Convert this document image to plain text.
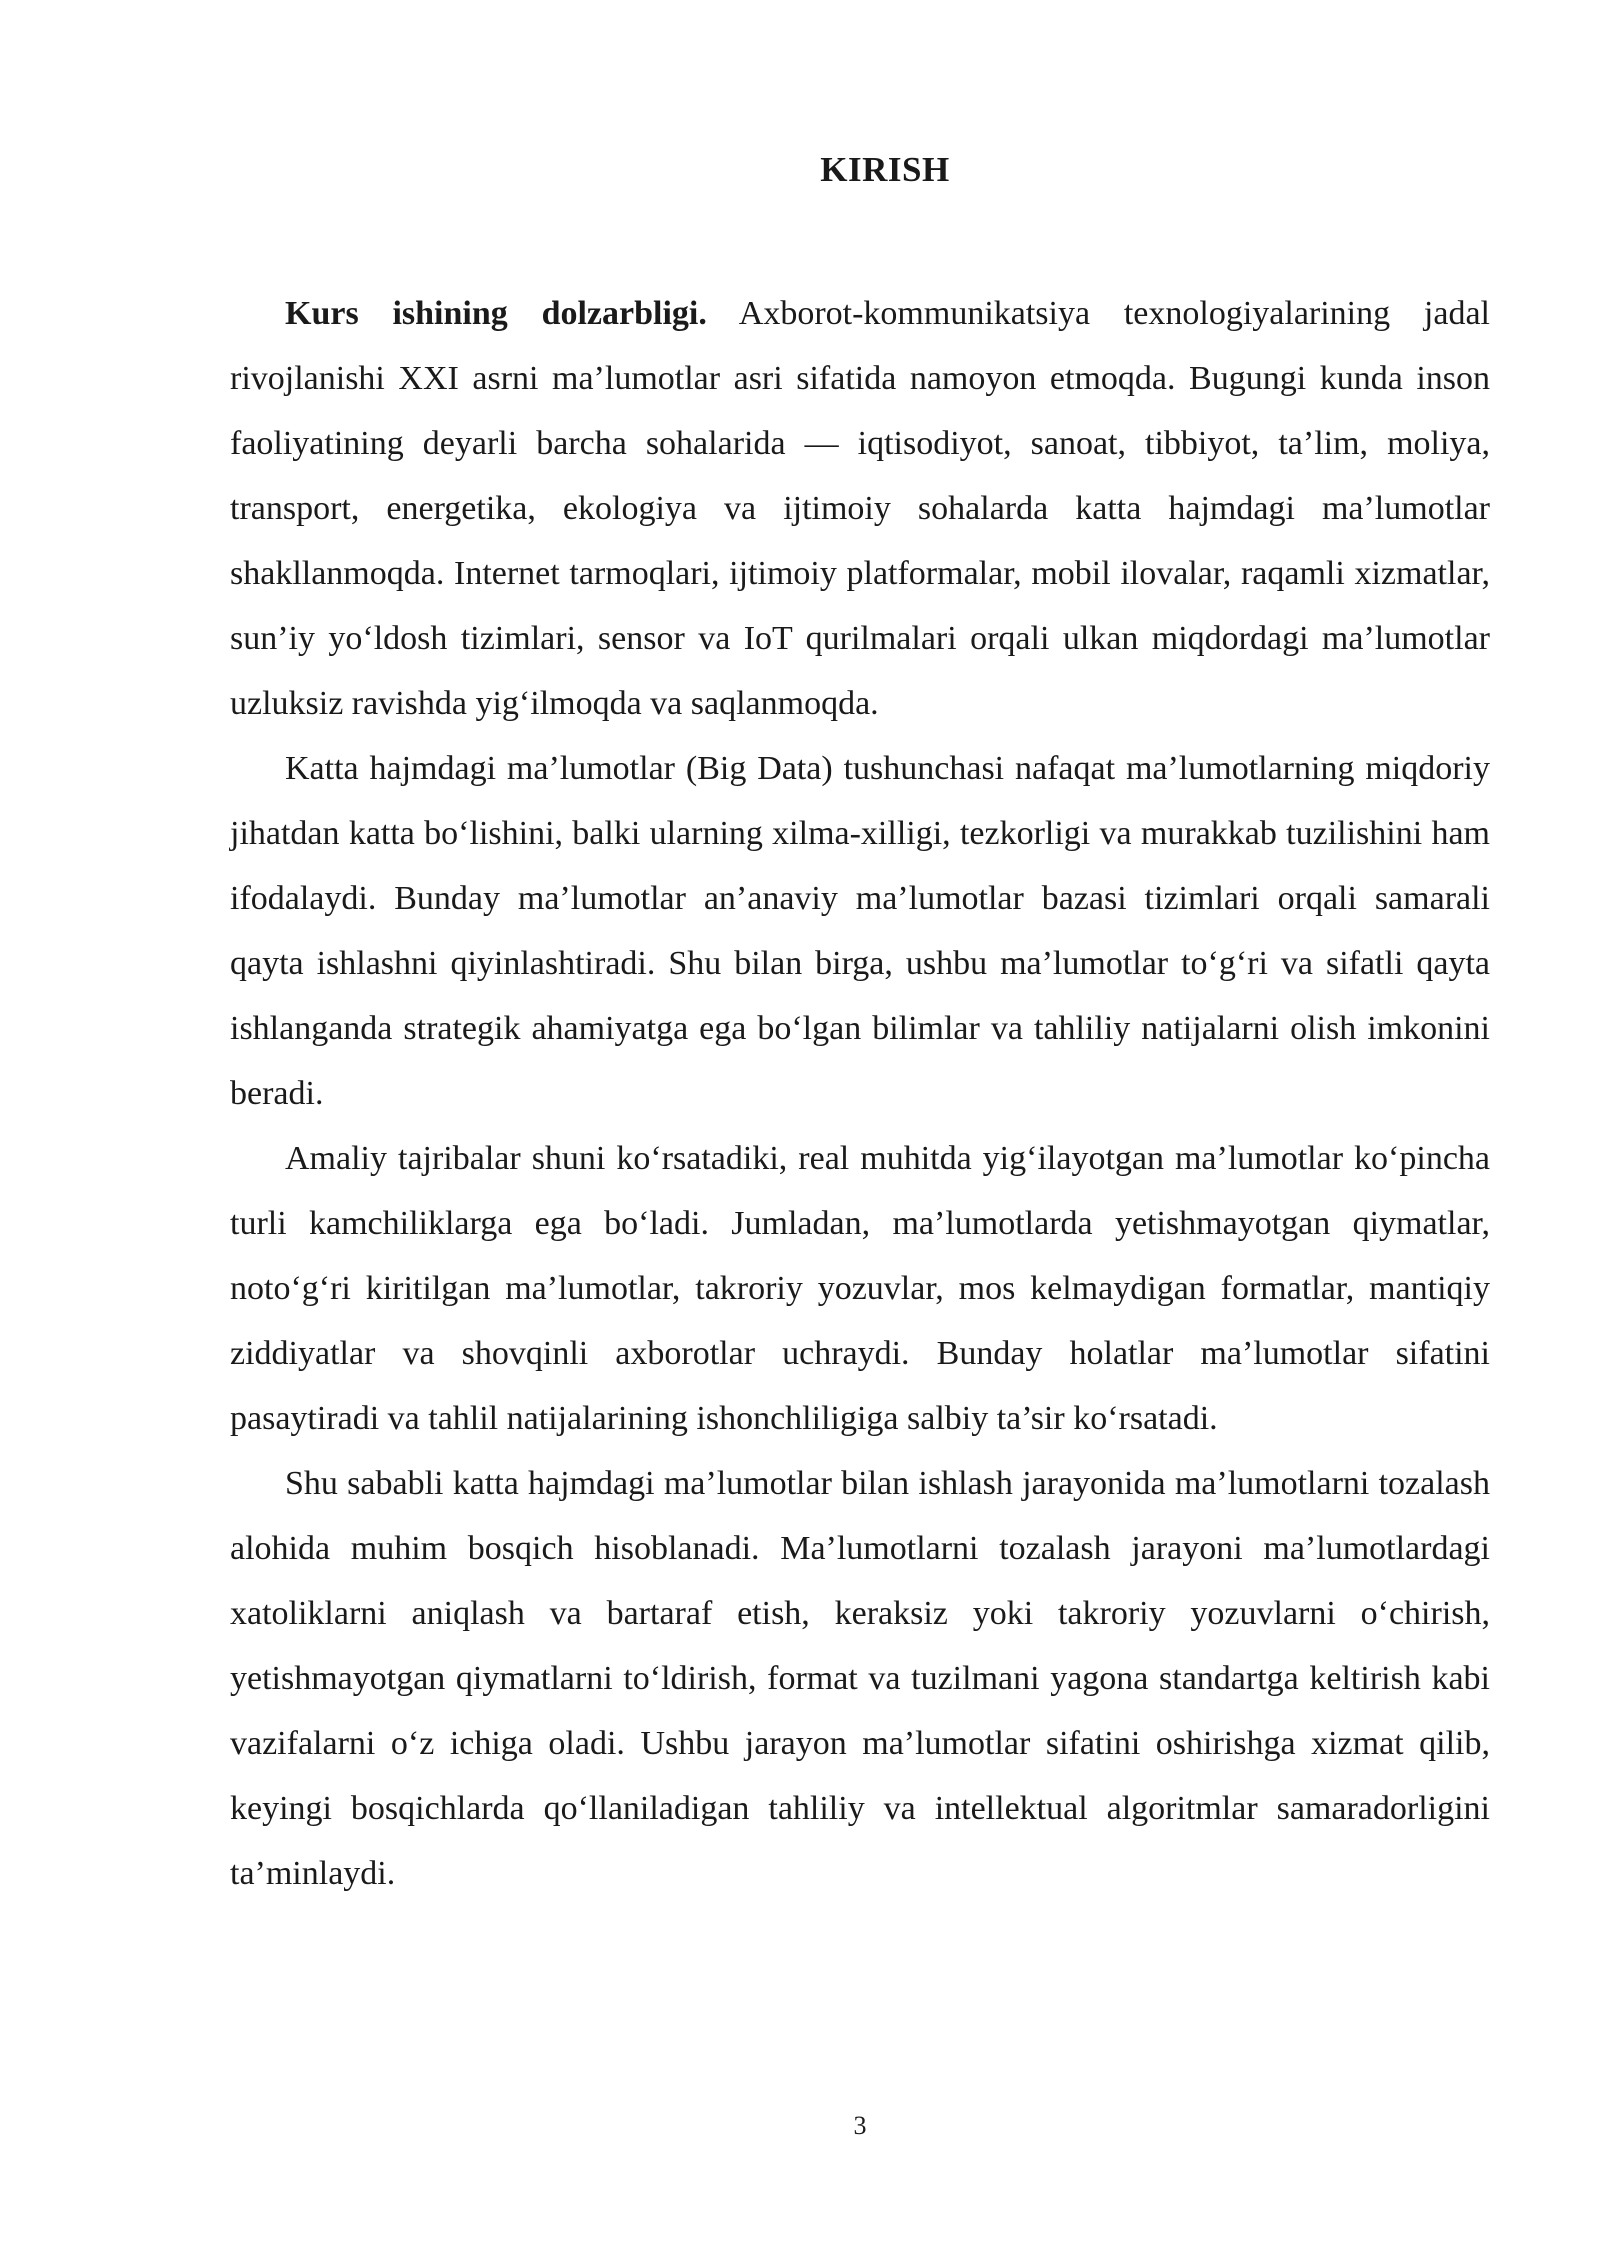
KIRISH

Kurs ishining dolzarbligi. Axborot-kommunikatsiya texnologiyalarining jadal rivojlanishi XXI asrni ma’lumotlar asri sifatida namoyon etmoqda. Bugungi kunda inson faoliyatining deyarli barcha sohalarida — iqtisodiyot, sanoat, tibbiyot, ta’lim, moliya, transport, energetika, ekologiya va ijtimoiy sohalarda katta hajmdagi ma’lumotlar shakllanmoqda. Internet tarmoqlari, ijtimoiy platformalar, mobil ilovalar, raqamli xizmatlar, sun’iy yo‘ldosh tizimlari, sensor va IoT qurilmalari orqali ulkan miqdordagi ma’lumotlar uzluksiz ravishda yig‘ilmoqda va saqlanmoqda.

Katta hajmdagi ma’lumotlar (Big Data) tushunchasi nafaqat ma’lumotlarning miqdoriy jihatdan katta bo‘lishini, balki ularning xilma-xilligi, tezkorligi va murakkab tuzilishini ham ifodalaydi. Bunday ma’lumotlar an’anaviy ma’lumotlar bazasi tizimlari orqali samarali qayta ishlashni qiyinlashtiradi. Shu bilan birga, ushbu ma’lumotlar to‘g‘ri va sifatli qayta ishlanganda strategik ahamiyatga ega bo‘lgan bilimlar va tahliliy natijalarni olish imkonini beradi.

Amaliy tajribalar shuni ko‘rsatadiki, real muhitda yig‘ilayotgan ma’lumotlar ko‘pincha turli kamchiliklarga ega bo‘ladi. Jumladan, ma’lumotlarda yetishmayotgan qiymatlar, noto‘g‘ri kiritilgan ma’lumotlar, takroriy yozuvlar, mos kelmaydigan formatlar, mantiqiy ziddiyatlar va shovqinli axborotlar uchraydi. Bunday holatlar ma’lumotlar sifatini pasaytiradi va tahlil natijalarining ishonchliligiga salbiy ta’sir ko‘rsatadi.

Shu sababli katta hajmdagi ma’lumotlar bilan ishlash jarayonida ma’lumotlarni tozalash alohida muhim bosqich hisoblanadi. Ma’lumotlarni tozalash jarayoni ma’lumotlardagi xatoliklarni aniqlash va bartaraf etish, keraksiz yoki takroriy yozuvlarni o‘chirish, yetishmayotgan qiymatlarni to‘ldirish, format va tuzilmani yagona standartga keltirish kabi vazifalarni o‘z ichiga oladi. Ushbu jarayon ma’lumotlar sifatini oshirishga xizmat qilib, keyingi bosqichlarda qo‘llaniladigan tahliliy va intellektual algoritmlar samaradorligini ta’minlaydi.

3
